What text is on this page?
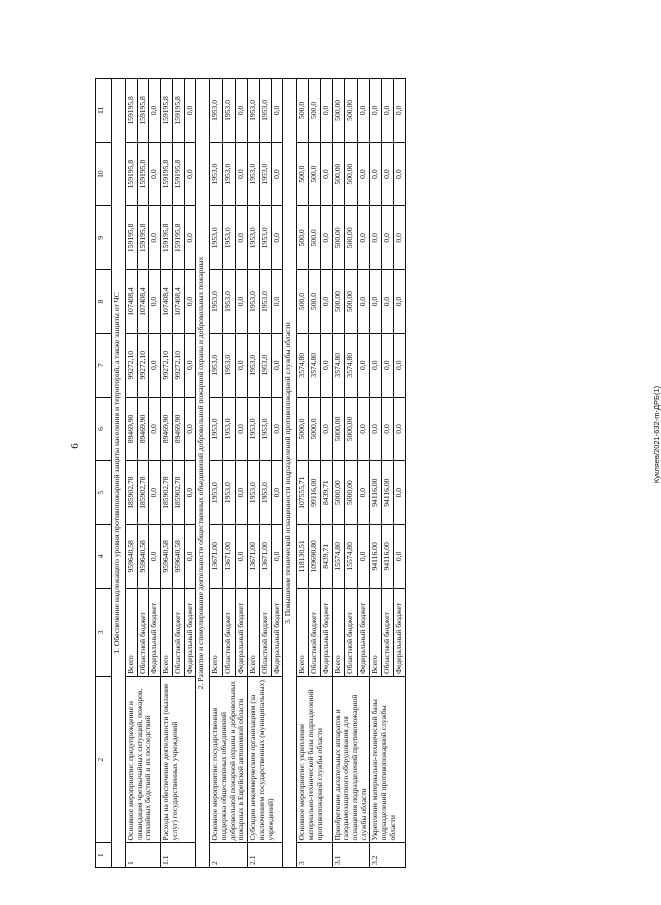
6	Кукляев/2021-632-m-ДРБ(1)
1	2	3	4	5	6	7	8	9	10	11
1. Обеспечение надлежащего уровня противопожарной защиты населения и территорий, а также защиты от ЧС										
1	Основное мероприятие: предупреждение и ликвидация чрезвычайных ситуаций, пожаров, стихийных бедствий и их последствий	Всего	959640,58	185902,78	89469,90	99272,10	107408,4	159195,8	159195,8	159195,8
		Областной бюджет	959640,58	185902,78	89469,90	99272,10	107408,4	159195,8	159195,8	159195,8
		Федеральный бюджет	0,0	0,0	0,0	0,0	0,0	0,0	0,0	0,0
1.1	Расходы на обеспечение деятельности (оказание услуг) государственных учреждений	Всего	959640,58	185902,78	89469,90	99272,10	107408,4	159195,8	159195,8	159195,8
		Областной бюджет	959640,58	185902,78	89469,90	99272,10	107408,4	159195,8	159195,8	159195,8
		Федеральный бюджет	0,0	0,0	0,0	0,0	0,0	0,0	0,0	0,0
2. Развитие и стимулирование деятельности общественных объединений добровольной пожарной охраны и добровольных пожарных										
2	Основное мероприятие: государственная поддержка общественных объединений добровольной пожарной охраны и добровольных пожарных в Еврейской автономной области	Всего	13671,00	1953,0	1953,0	1953,0	1953,0	1953,0	1953,0	1953,0
		Областной бюджет	13671,00	1953,0	1953,0	1953,0	1953,0	1953,0	1953,0	1953,0
		Федеральный бюджет	0,0	0,0	0,0	0,0	0,0	0,0	0,0	0,0
2.1	Субсидии некоммерческим организациям (за исключением государственных (муниципальных) учреждений)	Всего	13671,00	1953,0	1953,0	1953,0	1953,0	1953,0	1953,0	1953,0
		Областной бюджет	13671,00	1953,0	1953,0	1953,0	1953,0	1953,0	1953,0	1953,0
		Федеральный бюджет	0,0	0,0	0,0	0,0	0,0	0,0	0,0	0,0
3. Повышение технической оснащенности подразделений противопожарной службы области										
3	Основное мероприятие: укрепление материально-технической базы подразделений противопожарной службы области	Всего	118130,51	107555,71	5000,0	3574,80	500,0	500,0	500,0	500,0
		Областной бюджет	109690,80	99116,00	5000,0	3574,80	500,0	500,0	500,0	500,0
		Федеральный бюджет	8439,71	8439,71	0,0	0,0	0,0	0,0	0,0	0,0
3.1	Приобретение дыхательных аппаратов и газодымозащитного оборудования для оснащения подразделений противопожарной службы области	Всего	15574,80	5000,00	5000,00	3574,80	500,00	500,00	500,00	500,00
		Областной бюджет	15574,80	5000,00	5000,00	3574,80	500,00	500,00	500,00	500,00
		Федеральный бюджет	0,0	0,0	0,0	0,0	0,0	0,0	0,0	0,0
3.2	Укрепление материально-технической базы подразделений противопожарной службы области	Всего	94116,00	94116,00	0,0	0,0	0,0	0,0	0,0	0,0
		Областной бюджет	94116,00	94116,00	0,0	0,0	0,0	0,0	0,0	0,0
		Федеральный бюджет	0,0	0,0	0,0	0,0	0,0	0,0	0,0	0,0
